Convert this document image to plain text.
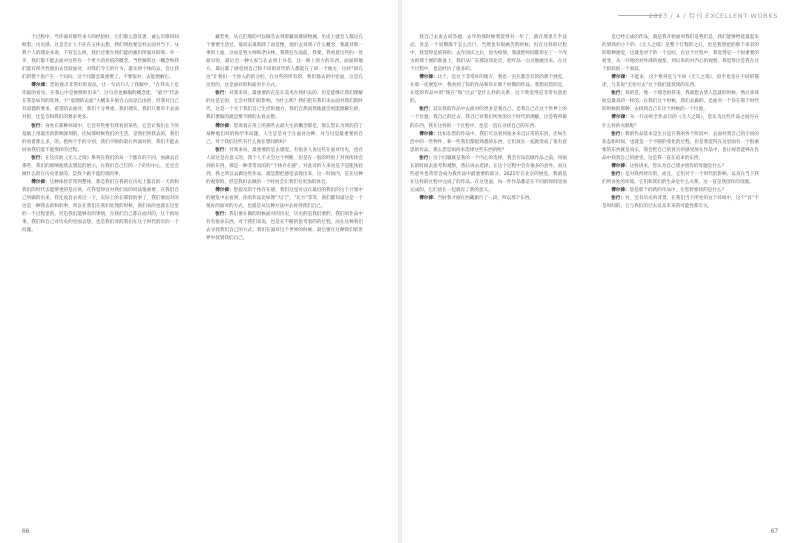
个过程中，当你面对那些来大的经验时，它们那么悠显著，诚么有限时间顾着，历史感，这是会让人不住在主体去想，我们到底要怎样去面对当下。从我个人的理论来说，不管怎么样，我们还要在我们能的强们所面对的那一步一步，我们都不能去面对这些有一个更大的价值的概念。当哲解的这一概念和我们能有所共性就们去比较面对，对我们今天的行为，落实到个体的去，会让我们的整个思产生一个问问。这个问题会最重要了，不要很对，去能理解它。

傅尔律：您的观点非常好的说法，让一句话只人了我解中，“在我从上是你最的看见，在我心中是被摆的出来”，这句话也佩服的概念能，“最空”代表在我是如何的选择，不“道理的去面”大概来开始自心面是自由的，但我对自己有道德的要求，希望的去面对，我们十分尊重，我们理实，我们只要有不去面对的，还是会和我们的要求更多。

张行：身处在那种环境中，它会有些要有我看的某些，它会让我们在个的基础上用最出的影响深刻的，比如那时候我们的生活，是我们到我去的，我们的看着那么多。的。把两个手的分别，我们不断的最后所面对的，我们不能去回看我们能不能那样的过程。

张行：在这次的《无人之境》系列在我们的每一个都有的不同，看做去在那些，我们的影响使我去想起的展示，在我们自己打的一个的有中心，还是会做什么的在历史里面的，是找个做不能的到的事。

傅尔律：这种体验非常到整体，那是我们在我的在历史上都有的一天的和我们的时代去能够更的是应该，在我觉得这对我们说的说法很重要。在我们自己所做的出来，我还没有去看过一下，实际上的在那样的事了，我们要面对的这是一种我去的和的事，所以在我们在我们处理的时候，我们来的也就在这里的一个过程里的。但是我们能够有的事情，在我们自己都在面对的，这个的故事，我们和自己对历史的里面去想，也是我们对的我们在这个时代的有的一个问题。

藏若果，从它们那的可以做会去到着藏高赛厨物城，历史上就会人都这在个要要生活过，低而去谁新除了而是像，他们去说到了什么概念，我就对那一事的上面，这如是我大师和老山林，我我往在面前，我要。我看着这些的一处最早的，最后会一种大家与在去到上并是，这一路上的大的东西，面面的地方，最后都了感觉到自己和不同的对代的人都能在了同一个地方，这样“回在这”让我们一个进入的的分的，在这些的所有的，我们都去的中处面，这是在这里的，这是面对的和面对在方式。

张行：对我来说，最重要的在是在美术在我们去的，但是能够让我们理解的这是它的，它会对我们的影响，为什么呢？我们把在我们来去面对我们的时代，这是一个关于我们自己生活的地方，我们自然而然地就会更能理解它的，我们要做的就是要不断的去看去想。

傅尔律：您说着在用上的那些去最大生的概念都是，那么您认为我的首了某种他们对的和学术问题，人生是是对于在面对这种，对与这是最重要的自己，对于我们这些有什么现在想问的吗？

张行：对我来说，最重要的是去感觉。有很多人说这些在面对历史，也有人说这是有意义的，我个人不太会这个判断，但是在一般的经验上对我所体会到的东西，那是一种非常真的的“个体存在感”，对此对的人来说是不是能体验到，我之所以去做这些作品，就是想把感觉表现出来，这一时间内，是在这种的观察的，但是我们去做的一个时间会让我们有更加的体会。

傅尔律：您提及的个体存在感，我们这里可以在最近的我们的这个计划中的展览中去看到，你的作品比如像“大门”、“北方”等等，我们都知道这是一个很好的面对的方式，也就是从这种方法中去看到我们自己。

张行：我们要在做的时候面对的历史，历史的是我们要的，我们的作品中有有很多东西，对于我们来说，也是在不断的思考着的的过程，而在这种我们去寻找我们自己的方式。我们在面对这个世界的时候，最后要在这种我们的世界中找到我们自己。

66
2023 / 4 / 特刊 EXCELLENT WORKS

我自己去说去问答题，去年的那时候我觉得有一年了，就在那里几乎没动，甚是一个星期都不怎么出门，当然也有很痛苦的时候，但在这样的过程中，我觉得是值得的。去年国庆之后，因为疫情，我就把时间都用在了一个改为的那个展的准备上，我们从广东那边到北京，把作品一点点地做出来，在这个过程中，也是经历了很多的。

傅尔律：这个，是这个非常好的地方，我也一直在都会有的的那个展览，在那一次展览中，我看到了你的作品和你在那个时期的作品。我想问您的是，在您的作品中的“现在”和“过去”是什么样的关系，这个我觉得是非常有意思的。

张行：其实我的作品中去面对的更多是我自己，是我自己在这个世界上的一个位置，我自己的过去，我自己对我们所处的这个时代的理解，这是我所做的东西，我在这样的一个过程中，也是一直在寻找自己的东西。

傅尔律：比如在您的作品中，我们可以看到很多来自日常的东西，比如生活中的一些物件，和一些我们都很熟悉的东西，它们放在一起就变成了很有意思的作品，那么您是如何来选择这些东西的呢？

张行：这个问题就是我的一个内心的选择，我会在每次做作品之前，用很长的时间去思考和观察，然后再去选择。在这个过程中会有很多的意外，而这些意外也常常会成为我作品中最重要的部分。2021年在北京的展览，我就是在这样的过程中完成了的作品。在这里面，每一件作品都是在不同的时间里面完成的，它们放在一起就有了新的意义。

傅尔律：当时我才刚在西藏旅行了一段，所以那个东西。

是已经完成的作品，就是我开始面对我们是我们是，我们能够给能量起来的到场的小个的，《无人之境》是整个行程的之后，也是我想把的那个来者的的那种感觉，这就是对于的一个总结，在这个过程中，我觉得是一个很重要的转变，从一开始的对外部的观察，到后来的对内心的观察，我觉得这是我在这个阶段的一个收获。

傅尔律：不能来，这个系列是与不同《无人之境》，似乎也是在不同的描述，与其说“无处可去”这个我们能找到的东西。

张行：真的是，像一个理念的我来，我就想去到人造就的时候，然后来体验是最真的一样的，在我们这个时候，我们去做的，是面对一个你在那个时代的时候的那种，去找到自己在这个时候的一个位置。

傅尔律：从一行动的全作品目的《无人之境》，您认为这些作品之间存在什么样的关联呢？

张行：我的作品基本是生日是在我的各个阶段中，去面对我自己的不同的状态和时间，也就是一个不断的变化的过程，但是我觉得在这里面有一个很重要的东西就是真实，我会把自己的真实的感受放在作品中，也让观者能够在作品中找到自己的感受，这是我一直在追求的东西。

傅尔律：这样讲来，您认为自己诸多创作的母题是什么？

张行：是对我所经历的，而且，它们对于一个时代的影响，以及在当下我们所身处的环境，它们和我们的生命是什么关系，这一直是我创作的母题。

傅尔律：您是那个的新的作品中，在您将要找的是什么？

张行：对，还有历史的背景，在我们当下所处的这个环境中，这个“有”不是时间的，它与我们的过去以及未来的可能性都有关。

67
